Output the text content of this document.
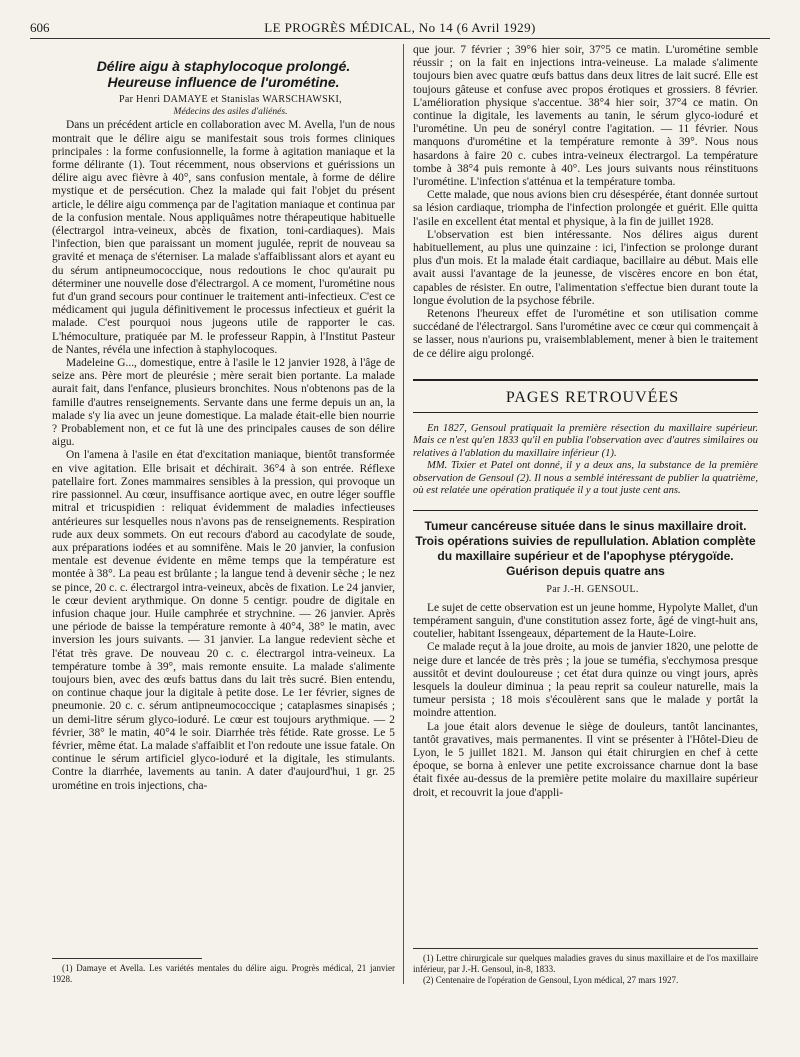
606	LE PROGRÈS MÉDICAL, No 14 (6 Avril 1929)
Délire aigu à staphylocoque prolongé.
Heureuse influence de l'urométine.

Par Henri DAMAYE et Stanislas WARSCHAWSKI,

Médecins des asiles d'aliénés.

Dans un précédent article en collaboration avec M. Avella, l'un de nous montrait que le délire aigu se manifestait sous trois formes cliniques principales : la forme confusionnelle, la forme à agitation maniaque et la forme délirante (1). Tout récemment, nous observions et guérissions un délire aigu avec fièvre à 40°, sans confusion mentale, à forme de délire mystique et de persécution. Chez la malade qui fait l'objet du présent article, le délire aigu commença par de l'agitation maniaque et continua par de la confusion mentale. Nous appliquâmes notre thérapeutique habituelle (électrargol intra-veineux, abcès de fixation, toni-cardiaques). Mais l'infection, bien que paraissant un moment jugulée, reprit de nouveau sa gravité et menaça de s'éterniser. La malade s'affaiblissant alors et ayant eu du sérum antipneumococcique, nous redoutions le choc qu'aurait pu déterminer une nouvelle dose d'électrargol. A ce moment, l'urométine nous fut d'un grand secours pour continuer le traitement anti-infectieux. C'est ce médicament qui jugula définitivement le processus infectieux et guérit la malade. C'est pourquoi nous jugeons utile de rapporter le cas. L'hémoculture, pratiquée par M. le professeur Rappin, à l'Institut Pasteur de Nantes, révéla une infection à staphylocoques.

Madeleine G..., domestique, entre à l'asile le 12 janvier 1928, à l'âge de seize ans. Père mort de pleurésie ; mère serait bien portante. La malade aurait fait, dans l'enfance, plusieurs bronchites. Nous n'obtenons pas de la famille d'autres renseignements. Servante dans une ferme depuis un an, la malade s'y lia avec un jeune domestique. La malade était-elle bien nourrie ? Probablement non, et ce fut là une des principales causes de son délire aigu.

On l'amena à l'asile en état d'excitation maniaque, bientôt transformée en vive agitation. Elle brisait et déchirait. 36°4 à son entrée. Réflexe patellaire fort. Zones mammaires sensibles à la pression, qui provoque un rire passionnel. Au cœur, insuffisance aortique avec, en outre léger souffle mitral et tricuspidien : reliquat évidemment de maladies infectieuses antérieures sur lesquelles nous n'avons pas de renseignements. Respiration rude aux deux sommets. On eut recours d'abord au cacodylate de soude, aux préparations iodées et au somnifène. Mais le 20 janvier, la confusion mentale est devenue évidente en même temps que la température est montée à 38°. La peau est brûlante ; la langue tend à devenir sèche ; le nez se pince, 20 c. c. électrargol intra-veineux, abcès de fixation. Le 24 janvier, le cœur devient arythmique. On donne 5 centigr. poudre de digitale en infusion chaque jour. Huile camphrée et strychnine. — 26 janvier. Après une période de baisse la température remonte à 40°4, 38° le matin, avec inversion les jours suivants. — 31 janvier. La langue redevient sèche et l'état très grave. De nouveau 20 c. c. électrargol intra-veineux. La température tombe à 39°, mais remonte ensuite. La malade s'alimente toujours bien, avec des œufs battus dans du lait très sucré. Bien entendu, on continue chaque jour la digitale à petite dose. Le 1er février, signes de pneumonie. 20 c. c. sérum antipneumococcique ; cataplasmes sinapisés ; un demi-litre sérum glyco-ioduré. Le cœur est toujours arythmique. — 2 février, 38° le matin, 40°4 le soir. Diarrhée très fétide. Rate grosse. Le 5 février, même état. La malade s'affaiblit et l'on redoute une issue fatale. On continue le sérum artificiel glyco-ioduré et la digitale, les stimulants. Contre la diarrhée, lavements au tanin. A dater d'aujourd'hui, 1 gr. 25 urométine en trois injections, cha-

(1) Damaye et Avella. Les variétés mentales du délire aigu. Progrès médical, 21 janvier 1928.

que jour. 7 février ; 39°6 hier soir, 37°5 ce matin. L'urométine semble réussir ; on la fait en injections intra-veineuse. La malade s'alimente toujours bien avec quatre œufs battus dans deux litres de lait sucré. Elle est toujours gâteuse et confuse avec propos érotiques et grossiers. 8 février. L'amélioration physique s'accentue. 38°4 hier soir, 37°4 ce matin. On continue la digitale, les lavements au tanin, le sérum glyco-ioduré et l'urométine. Un peu de sonéryl contre l'agitation. — 11 février. Nous manquons d'urométine et la température remonte à 39°. Nous nous hasardons à faire 20 c. cubes intra-veineux électrargol. La température tombe à 38°4 puis remonte à 40°. Les jours suivants nous réinstituons l'urométine. L'infection s'atténua et la température tomba.

Cette malade, que nous avions bien cru désespérée, étant donnée surtout sa lésion cardiaque, triompha de l'infection prolongée et guérit. Elle quitta l'asile en excellent état mental et physique, à la fin de juillet 1928.

L'observation est bien intéressante. Nos délires aigus durent habituellement, au plus une quinzaine : ici, l'infection se prolonge durant plus d'un mois. Et la malade était cardiaque, bacillaire au début. Mais elle avait aussi l'avantage de la jeunesse, de viscères encore en bon état, capables de résister. En outre, l'alimentation s'effectue bien durant toute la longue évolution de la psychose fébrile.

Retenons l'heureux effet de l'urométine et son utilisation comme succédané de l'électrargol. Sans l'urométine avec ce cœur qui commençait à se lasser, nous n'aurions pu, vraisemblablement, mener à bien le traitement de ce délire aigu prolongé.

PAGES RETROUVÉES

En 1827, Gensoul pratiquait la première résection du maxillaire supérieur. Mais ce n'est qu'en 1833 qu'il en publia l'observation avec d'autres similaires ou relatives à l'ablation du maxillaire inférieur (1).

MM. Tixier et Patel ont donné, il y a deux ans, la substance de la première observation de Gensoul (2). Il nous a semblé intéressant de publier la quatrième, où est relatée une opération pratiquée il y a tout juste cent ans.

Tumeur cancéreuse située dans le sinus maxillaire droit. Trois opérations suivies de repullulation. Ablation complète du maxillaire supérieur et de l'apophyse ptérygoïde. Guérison depuis quatre ans

Par J.-H. GENSOUL.

Le sujet de cette observation est un jeune homme, Hypolyte Mallet, d'un tempérament sanguin, d'une constitution assez forte, âgé de vingt-huit ans, coutelier, habitant Issengeaux, département de la Haute-Loire.

Ce malade reçut à la joue droite, au mois de janvier 1820, une pelotte de neige dure et lancée de très près ; la joue se tuméfia, s'ecchymosa presque aussitôt et devint douloureuse ; cet état dura quinze ou vingt jours, après lesquels la douleur diminua ; la peau reprit sa couleur naturelle, mais la tumeur persista ; 18 mois s'écoulèrent sans que le malade y portât la moindre attention.

La joue était alors devenue le siège de douleurs, tantôt lancinantes, tantôt gravatives, mais permanentes. Il vint se présenter à l'Hôtel-Dieu de Lyon, le 5 juillet 1821. M. Janson qui était chirurgien en chef à cette époque, se borna à enlever une petite excroissance charnue dont la base était fixée au-dessus de la première petite molaire du maxillaire supérieur droit, et recouvrit la joue d'appli-

(1) Lettre chirurgicale sur quelques maladies graves du sinus maxillaire et de l'os maxillaire inférieur, par J.-H. Gensoul, in-8, 1833.

(2) Centenaire de l'opération de Gensoul, Lyon médical, 27 mars 1927.
